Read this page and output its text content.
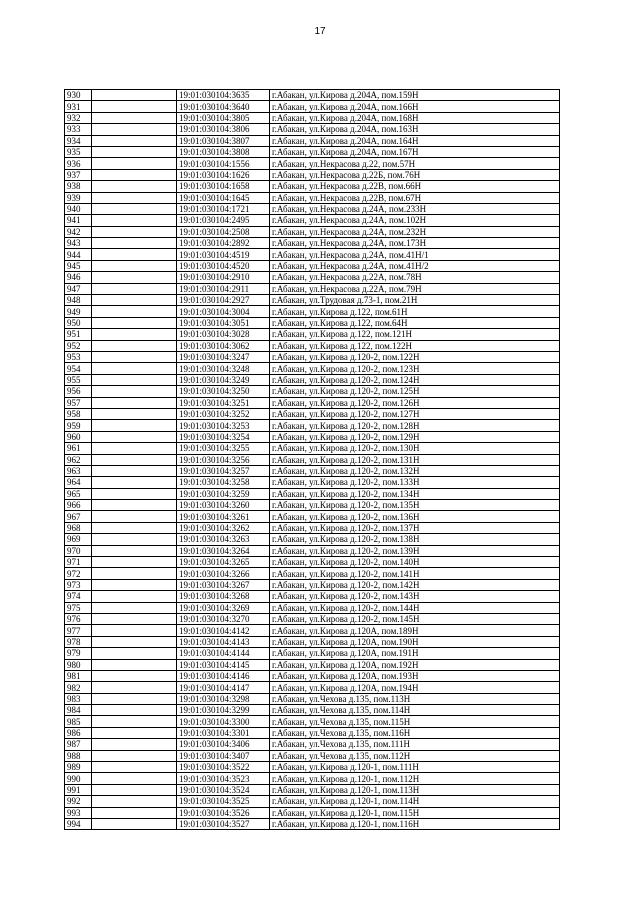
17
930		19:01:030104:3635	г.Абакан, ул.Кирова д.204А, пом.159Н
931		19:01:030104:3640	г.Абакан, ул.Кирова д.204А, пом.166Н
932		19:01:030104:3805	г.Абакан, ул.Кирова д.204А, пом.168Н
933		19:01:030104:3806	г.Абакан, ул.Кирова д.204А, пом.163Н
934		19:01:030104:3807	г.Абакан, ул.Кирова д.204А, пом.164Н
935		19:01:030104:3808	г.Абакан, ул.Кирова д.204А, пом.167Н
936		19:01:030104:1556	г.Абакан, ул.Некрасова д.22, пом.57Н
937		19:01:030104:1626	г.Абакан, ул.Некрасова д.22Б, пом.76Н
938		19:01:030104:1658	г.Абакан, ул.Некрасова д.22В, пом.66Н
939		19:01:030104:1645	г.Абакан, ул.Некрасова д.22В, пом.67Н
940		19:01:030104:1721	г.Абакан, ул.Некрасова д.24А, пом.233Н
941		19:01:030104:2495	г.Абакан, ул.Некрасова д.24А, пом.102Н
942		19:01:030104:2508	г.Абакан, ул.Некрасова д.24А, пом.232Н
943		19:01:030104:2892	г.Абакан, ул.Некрасова д.24А, пом.173Н
944		19:01:030104:4519	г.Абакан, ул.Некрасова д.24А, пом.41Н/1
945		19:01:030104:4520	г.Абакан, ул.Некрасова д.24А, пом.41Н/2
946		19:01:030104:2910	г.Абакан, ул.Некрасова д.22А, пом.78Н
947		19:01:030104:2911	г.Абакан, ул.Некрасова д.22А, пом.79Н
948		19:01:030104:2927	г.Абакан, ул.Трудовая д.73-1, пом.21Н
949		19:01:030104:3004	г.Абакан, ул.Кирова д.122, пом.61Н
950		19:01:030104:3051	г.Абакан, ул.Кирова д.122, пом.64Н
951		19:01:030104:3028	г.Абакан, ул.Кирова д.122, пом.121Н
952		19:01:030104:3062	г.Абакан, ул.Кирова д.122, пом.122Н
953		19:01:030104:3247	г.Абакан, ул.Кирова д.120-2, пом.122Н
954		19:01:030104:3248	г.Абакан, ул.Кирова д.120-2, пом.123Н
955		19:01:030104:3249	г.Абакан, ул.Кирова д.120-2, пом.124Н
956		19:01:030104:3250	г.Абакан, ул.Кирова д.120-2, пом.125Н
957		19:01:030104:3251	г.Абакан, ул.Кирова д.120-2, пом.126Н
958		19:01:030104:3252	г.Абакан, ул.Кирова д.120-2, пом.127Н
959		19:01:030104:3253	г.Абакан, ул.Кирова д.120-2, пом.128Н
960		19:01:030104:3254	г.Абакан, ул.Кирова д.120-2, пом.129Н
961		19:01:030104:3255	г.Абакан, ул.Кирова д.120-2, пом.130Н
962		19:01:030104:3256	г.Абакан, ул.Кирова д.120-2, пом.131Н
963		19:01:030104:3257	г.Абакан, ул.Кирова д.120-2, пом.132Н
964		19:01:030104:3258	г.Абакан, ул.Кирова д.120-2, пом.133Н
965		19:01:030104:3259	г.Абакан, ул.Кирова д.120-2, пом.134Н
966		19:01:030104:3260	г.Абакан, ул.Кирова д.120-2, пом.135Н
967		19:01:030104:3261	г.Абакан, ул.Кирова д.120-2, пом.136Н
968		19:01:030104:3262	г.Абакан, ул.Кирова д.120-2, пом.137Н
969		19:01:030104:3263	г.Абакан, ул.Кирова д.120-2, пом.138Н
970		19:01:030104:3264	г.Абакан, ул.Кирова д.120-2, пом.139Н
971		19:01:030104:3265	г.Абакан, ул.Кирова д.120-2, пом.140Н
972		19:01:030104:3266	г.Абакан, ул.Кирова д.120-2, пом.141Н
973		19:01:030104:3267	г.Абакан, ул.Кирова д.120-2, пом.142Н
974		19:01:030104:3268	г.Абакан, ул.Кирова д.120-2, пом.143Н
975		19:01:030104:3269	г.Абакан, ул.Кирова д.120-2, пом.144Н
976		19:01:030104:3270	г.Абакан, ул.Кирова д.120-2, пом.145Н
977		19:01:030104:4142	г.Абакан, ул.Кирова д.120А, пом.189Н
978		19:01:030104:4143	г.Абакан, ул.Кирова д.120А, пом.190Н
979		19:01:030104:4144	г.Абакан, ул.Кирова д.120А, пом.191Н
980		19:01:030104:4145	г.Абакан, ул.Кирова д.120А, пом.192Н
981		19:01:030104:4146	г.Абакан, ул.Кирова д.120А, пом.193Н
982		19:01:030104:4147	г.Абакан, ул.Кирова д.120А, пом.194Н
983		19:01:030104:3298	г.Абакан, ул.Чехова д.135, пом.113Н
984		19:01:030104:3299	г.Абакан, ул.Чехова д.135, пом.114Н
985		19:01:030104:3300	г.Абакан, ул.Чехова д.135, пом.115Н
986		19:01:030104:3301	г.Абакан, ул.Чехова д.135, пом.116Н
987		19:01:030104:3406	г.Абакан, ул.Чехова д.135, пом.111Н
988		19:01:030104:3407	г.Абакан, ул.Чехова д.135, пом.112Н
989		19:01:030104:3522	г.Абакан, ул.Кирова д.120-1, пом.111Н
990		19:01:030104:3523	г.Абакан, ул.Кирова д.120-1, пом.112Н
991		19:01:030104:3524	г.Абакан, ул.Кирова д.120-1, пом.113Н
992		19:01:030104:3525	г.Абакан, ул.Кирова д.120-1, пом.114Н
993		19:01:030104:3526	г.Абакан, ул.Кирова д.120-1, пом.115Н
994		19:01:030104:3527	г.Абакан, ул.Кирова д.120-1, пом.116Н
